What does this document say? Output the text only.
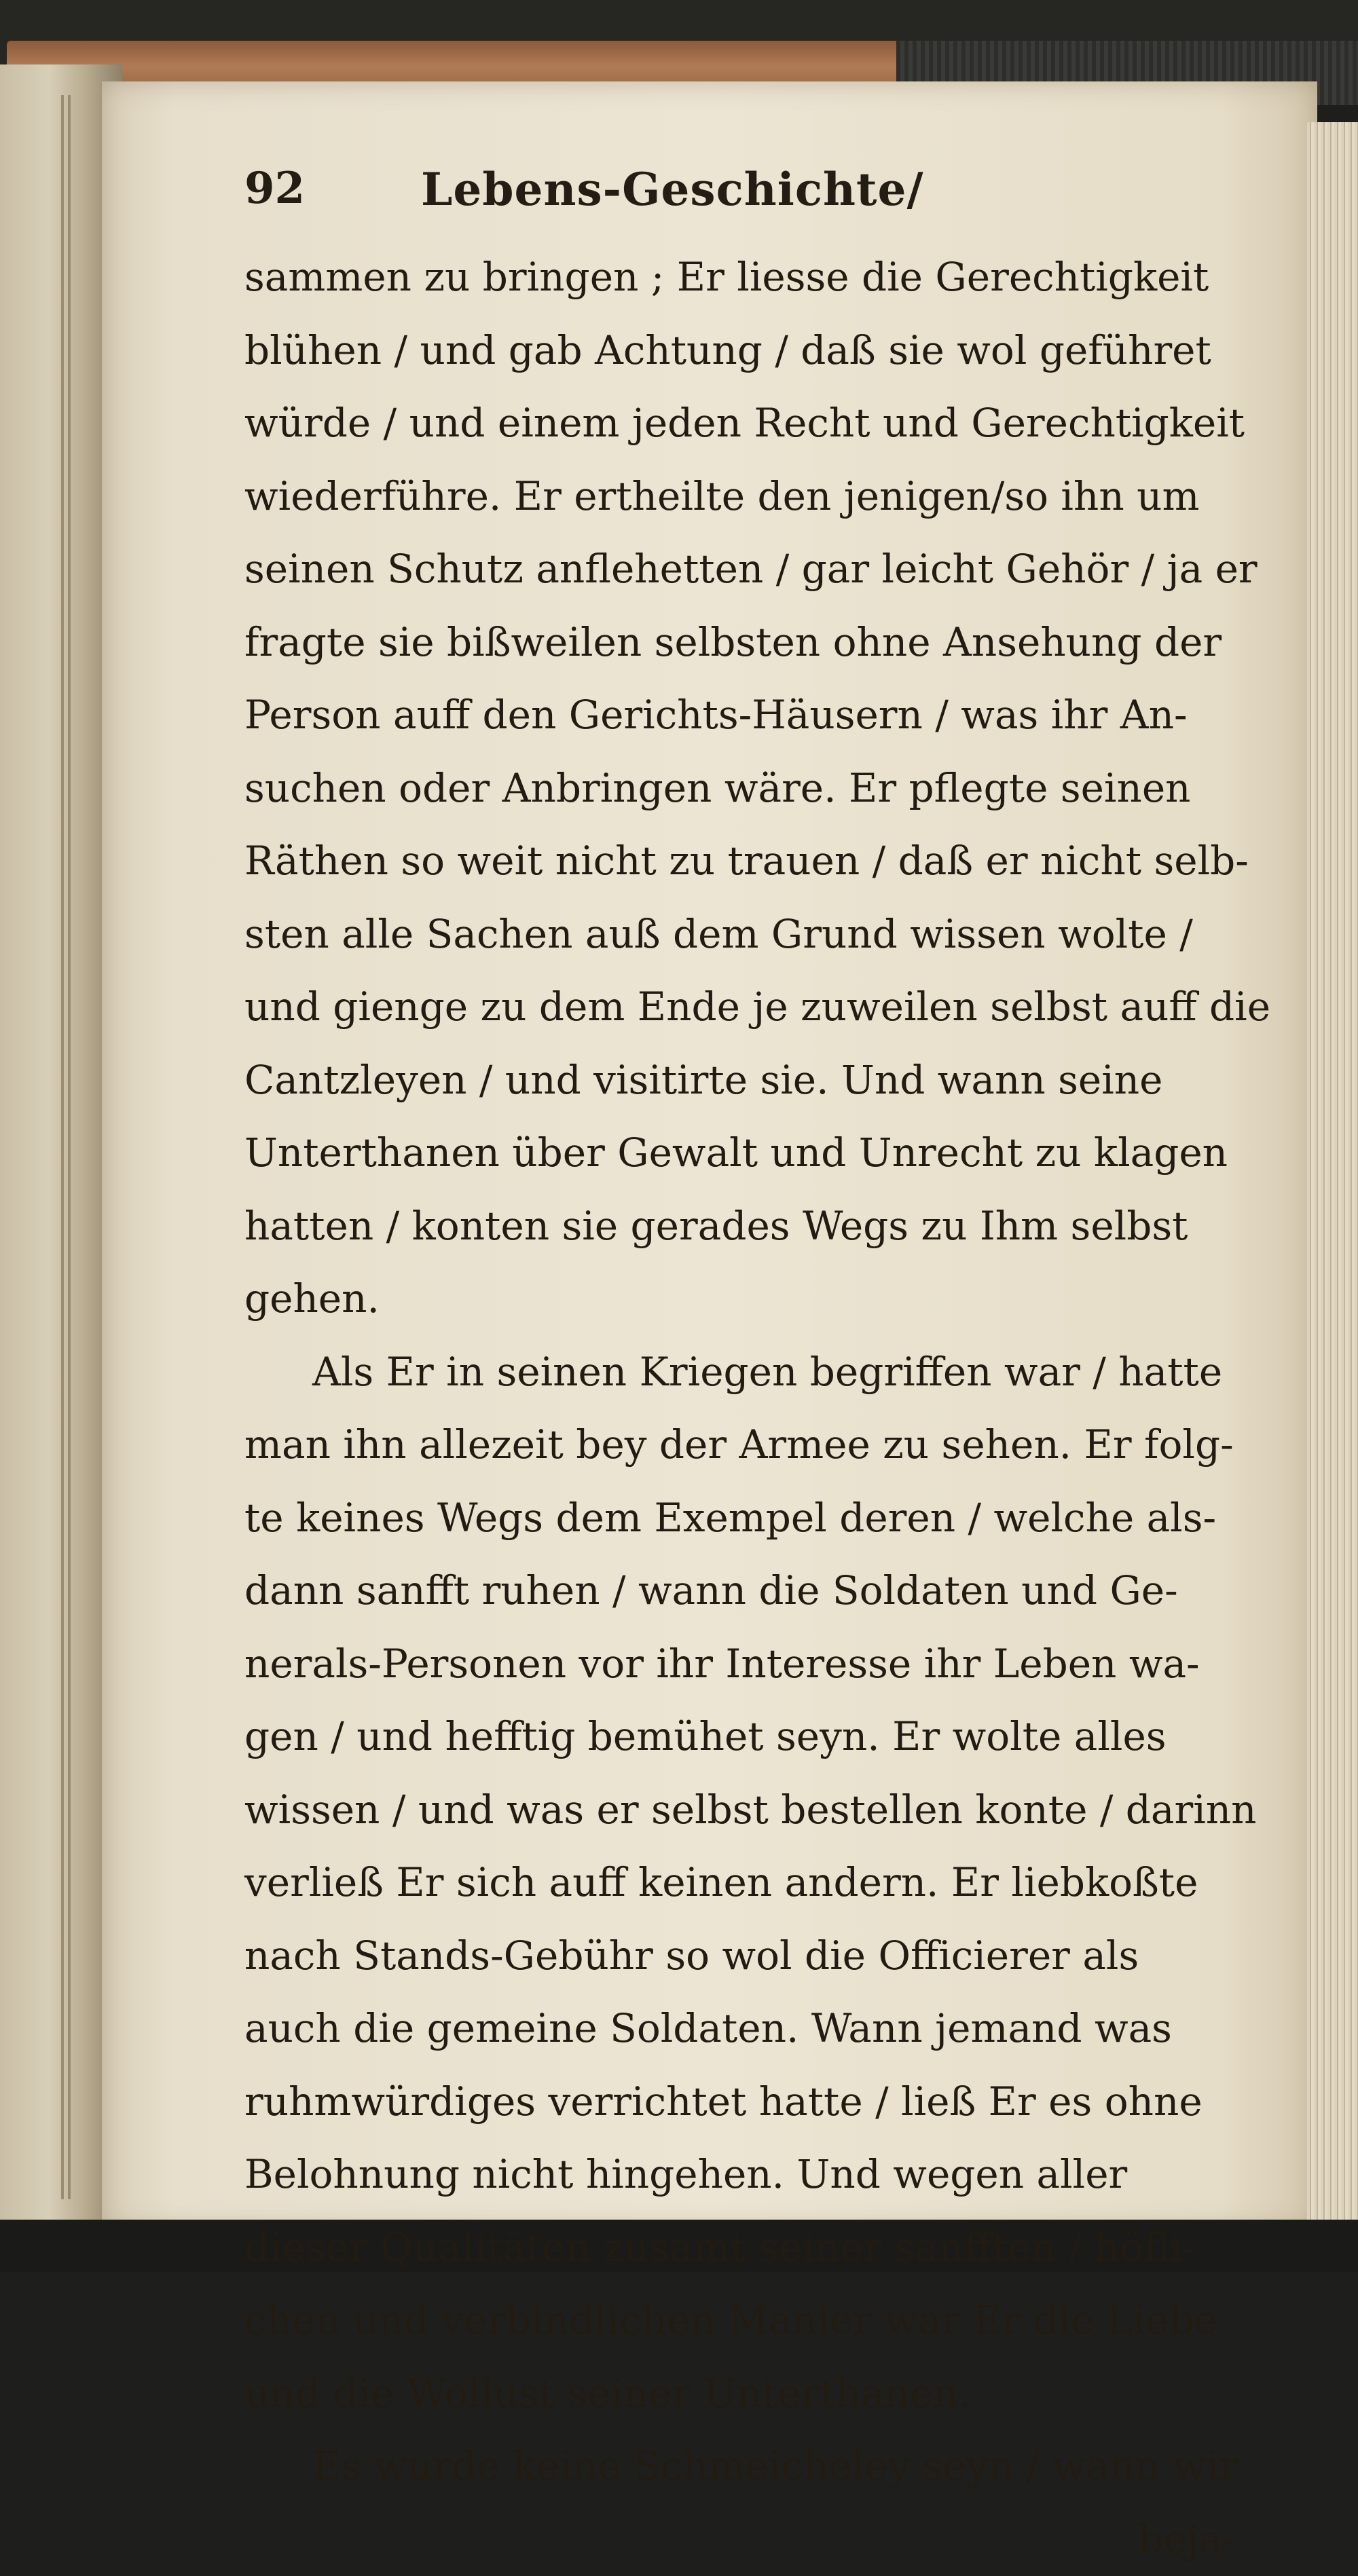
92	Lebens-Geschichte/
sammen zu bringen ; Er liesse die Gerechtigkeit
blühen / und gab Achtung / daß sie wol geführet
würde / und einem jeden Recht und Gerechtigkeit
wiederführe. Er ertheilte den jenigen/so ihn um
seinen Schutz anflehetten / gar leicht Gehör / ja er
fragte sie bißweilen selbsten ohne Ansehung der
Person auff den Gerichts-Häusern / was ihr An-
suchen oder Anbringen wäre. Er pflegte seinen
Räthen so weit nicht zu trauen / daß er nicht selb-
sten alle Sachen auß dem Grund wissen wolte /
und gienge zu dem Ende je zuweilen selbst auff die
Cantzleyen / und visitirte sie. Und wann seine
Unterthanen über Gewalt und Unrecht zu klagen
hatten / konten sie gerades Wegs zu Ihm selbst
gehen.
Als Er in seinen Kriegen begriffen war / hatte
man ihn allezeit bey der Armee zu sehen. Er folg-
te keines Wegs dem Exempel deren / welche als-
dann sanfft ruhen / wann die Soldaten und Ge-
nerals-Personen vor ihr Interesse ihr Leben wa-
gen / und hefftig bemühet seyn. Er wolte alles
wissen / und was er selbst bestellen konte / darinn
verließ Er sich auff keinen andern. Er liebkoßte
nach Stands-Gebühr so wol die Officierer als
auch die gemeine Soldaten. Wann jemand was
ruhmwürdiges verrichtet hatte / ließ Er es ohne
Belohnung nicht hingehen. Und wegen aller
dieser Qualitäten zusamt seiner sanfften / höfli-
chen und verbindlichen Manier war Er die Liebe
und die Wollust seiner Unterthanen.
Es wurde keine Schmeicheley seyn / wann wir
beja-
